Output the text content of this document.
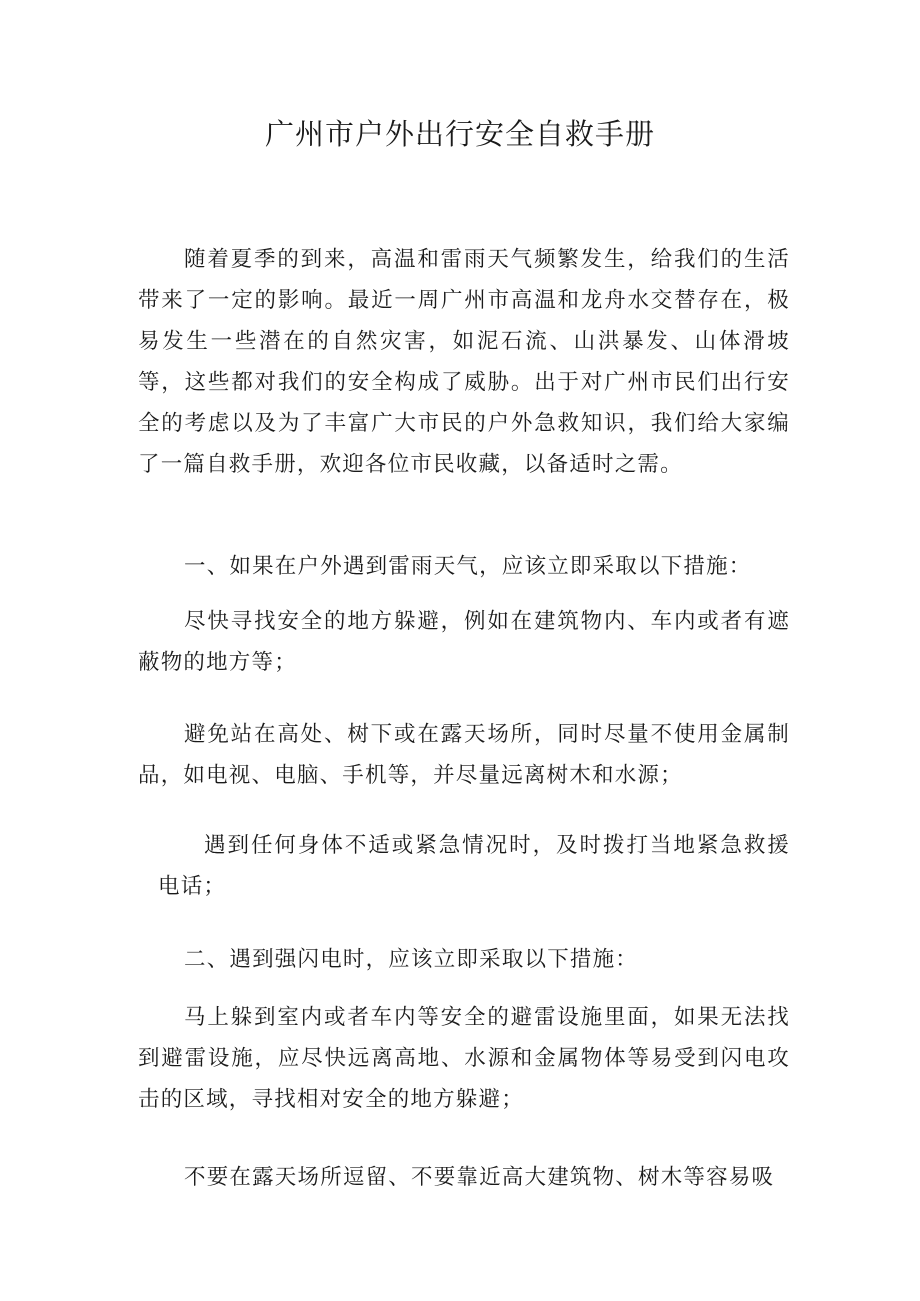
广州市户外出行安全自救手册

随着夏季的到来，高温和雷雨天气频繁发生，给我们的生活带来了一定的影响。最近一周广州市高温和龙舟水交替存在，极易发生一些潜在的自然灾害，如泥石流、山洪暴发、山体滑坡等，这些都对我们的安全构成了威胁。出于对广州市民们出行安全的考虑以及为了丰富广大市民的户外急救知识，我们给大家编了一篇自救手册，欢迎各位市民收藏，以备适时之需。

一、如果在户外遇到雷雨天气，应该立即采取以下措施：

尽快寻找安全的地方躲避，例如在建筑物内、车内或者有遮蔽物的地方等；

避免站在高处、树下或在露天场所，同时尽量不使用金属制品，如电视、电脑、手机等，并尽量远离树木和水源；

遇到任何身体不适或紧急情况时，及时拨打当地紧急救援电话；

二、遇到强闪电时，应该立即采取以下措施：

马上躲到室内或者车内等安全的避雷设施里面，如果无法找到避雷设施，应尽快远离高地、水源和金属物体等易受到闪电攻击的区域，寻找相对安全的地方躲避；

不要在露天场所逗留、不要靠近高大建筑物、树木等容易吸
